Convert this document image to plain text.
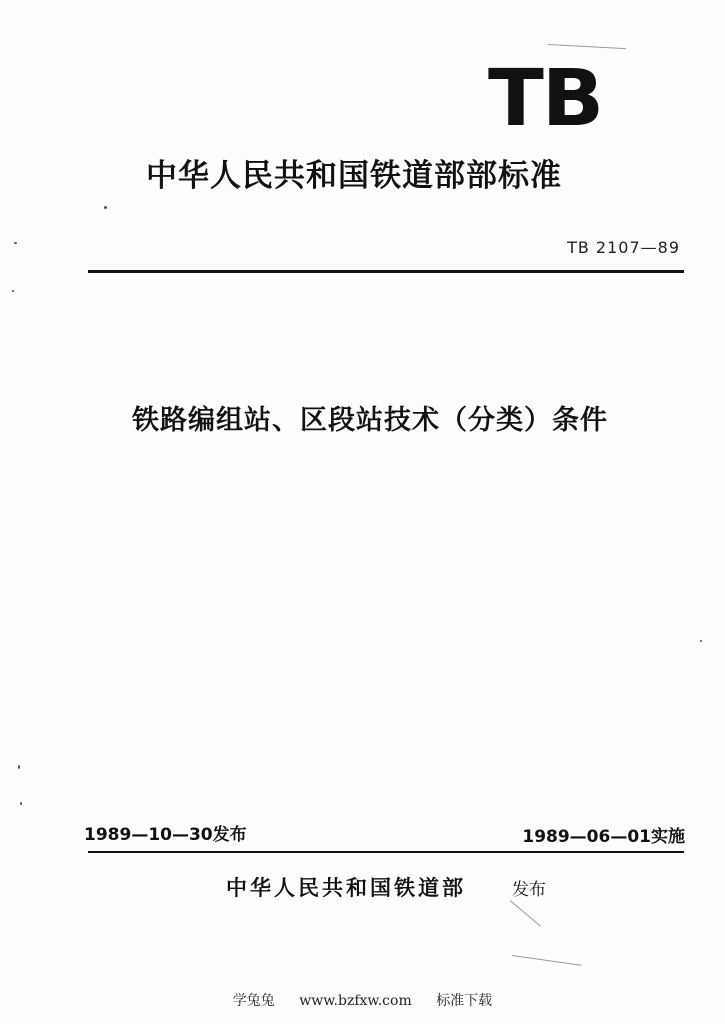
TB
中华人民共和国铁道部部标准
TB 2107—89
铁路编组站、区段站技术（分类）条件
1989—10—30发布	1989—06—01实施
中华人民共和国铁道部	发布
学兔兔 www.bzfxw.com 标准下载
